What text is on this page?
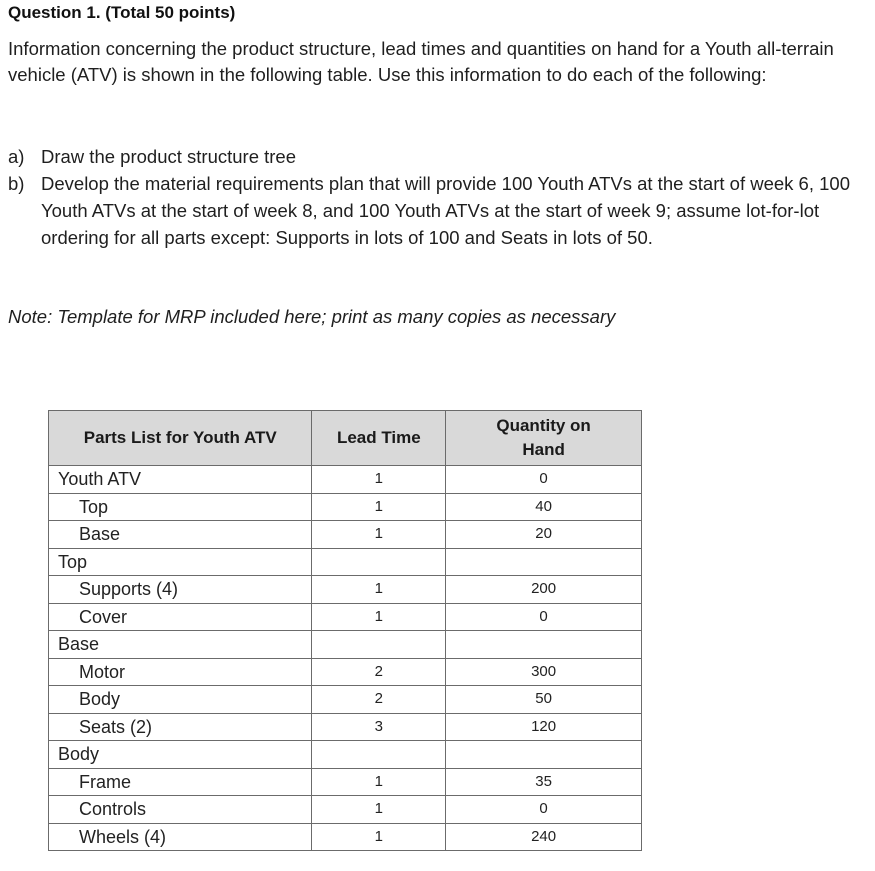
Question 1. (Total 50 points)
Information concerning the product structure, lead times and quantities on hand for a Youth all-terrain vehicle (ATV) is shown in the following table. Use this information to do each of the following:
a) Draw the product structure tree
b) Develop the material requirements plan that will provide 100 Youth ATVs at the start of week 6, 100 Youth ATVs at the start of week 8, and 100 Youth ATVs at the start of week 9; assume lot-for-lot ordering for all parts except: Supports in lots of 100 and Seats in lots of 50.
Note: Template for MRP included here; print as many copies as necessary
Parts List for Youth ATV	Lead Time	Quantity on Hand
Youth ATV	1	0
Top	1	40
Base	1	20
Top		
Supports (4)	1	200
Cover	1	0
Base		
Motor	2	300
Body	2	50
Seats (2)	3	120
Body		
Frame	1	35
Controls	1	0
Wheels (4)	1	240
